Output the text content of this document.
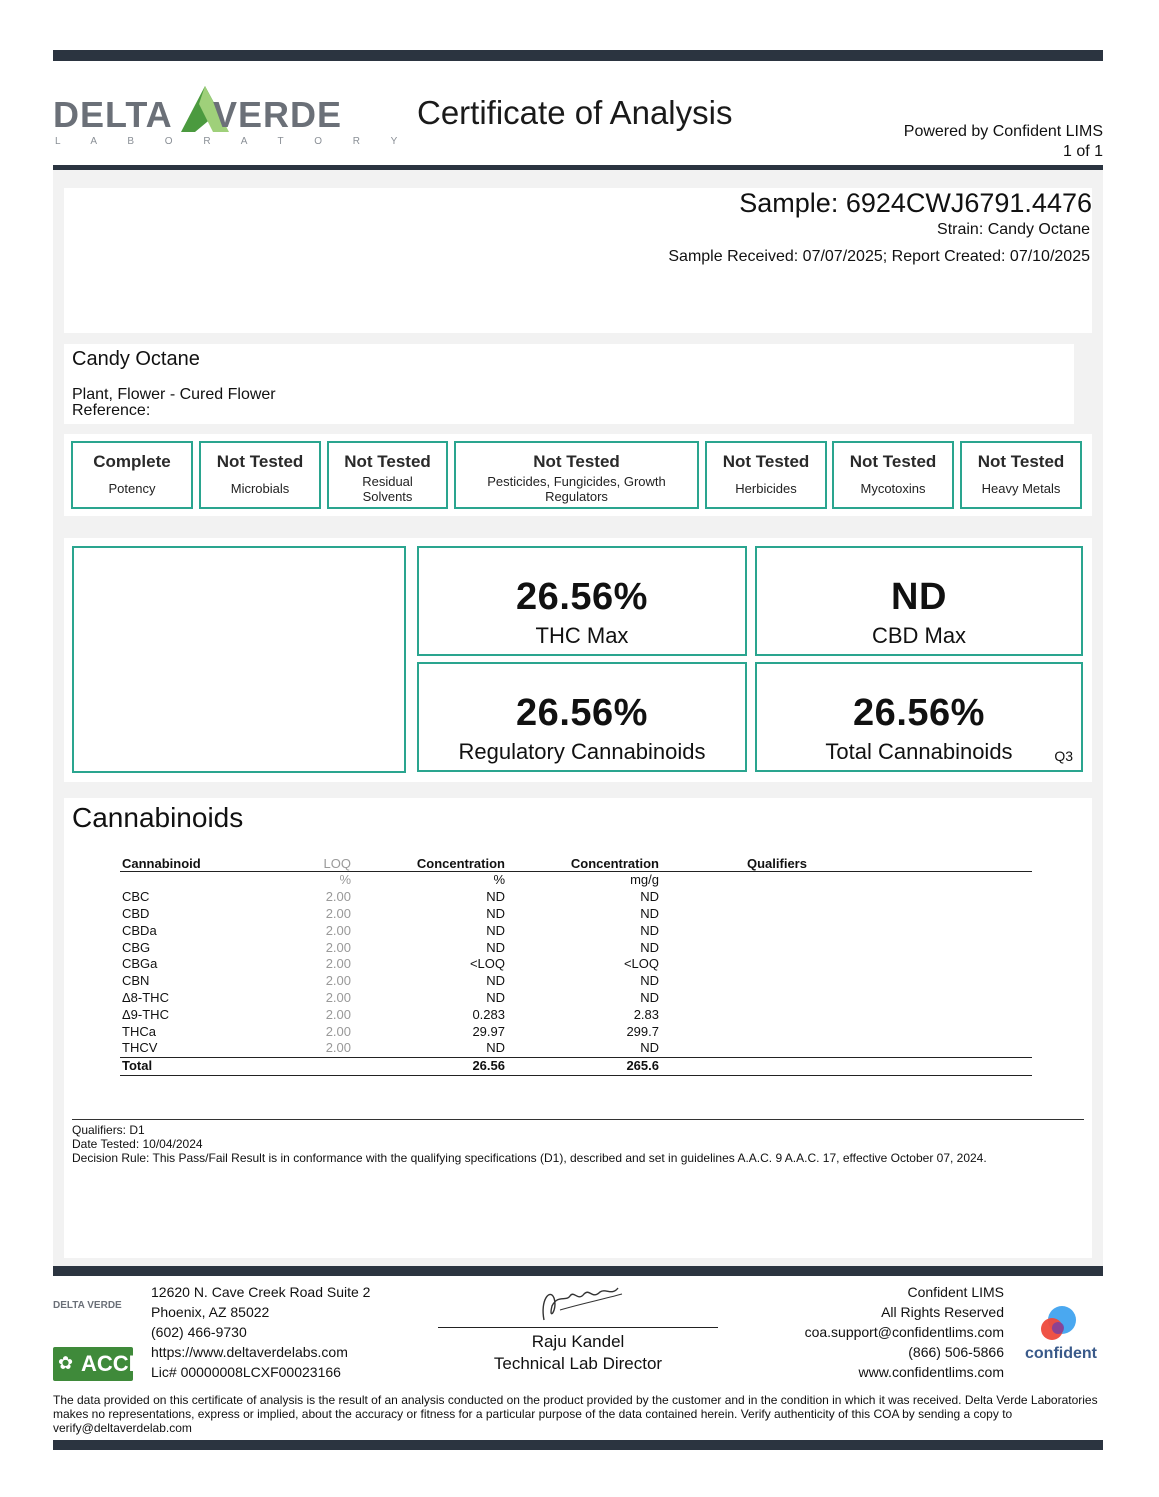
DELTA VERDE
L A B O R A T O R Y
Certificate of Analysis
Powered by Confident LIMS
1 of 1
Sample: 6924CWJ6791.4476
Strain: Candy Octane
Sample Received: 07/07/2025; Report Created: 07/10/2025
Candy Octane
Plant, Flower - Cured Flower
Reference:
Complete
Potency
Not Tested
Microbials
Not Tested
Residual Solvents
Not Tested
Pesticides, Fungicides, Growth Regulators
Not Tested
Herbicides
Not Tested
Mycotoxins
Not Tested
Heavy Metals
26.56%
THC Max
ND
CBD Max
26.56%
Regulatory Cannabinoids
26.56%
Total Cannabinoids	Q3
Cannabinoids
Cannabinoid	LOQ	Concentration	Concentration	Qualifiers
	%	%	mg/g	
CBC	2.00	ND	ND	
CBD	2.00	ND	ND	
CBDa	2.00	ND	ND	
CBG	2.00	ND	ND	
CBGa	2.00	<LOQ	<LOQ	
CBN	2.00	ND	ND	
Δ8-THC	2.00	ND	ND	
Δ9-THC	2.00	0.283	2.83	
THCa	2.00	29.97	299.7	
THCV	2.00	ND	ND	
Total		26.56	265.6	
Qualifiers: D1
Date Tested: 10/04/2024
Decision Rule: This Pass/Fail Result is in conformance with the qualifying specifications (D1), described and set in guidelines A.A.C. 9 A.A.C. 17, effective October 07, 2024.
DELTA VERDE
✿ ACCL
12620 N. Cave Creek Road Suite 2
Phoenix, AZ 85022
(602) 466-9730
https://www.deltaverdelabs.com
Lic# 00000008LCXF00023166
Raju Kandel
Technical Lab Director
Confident LIMS
All Rights Reserved
coa.support@confidentlims.com
(866) 506-5866
www.confidentlims.com
confident
The data provided on this certificate of analysis is the result of an analysis conducted on the product provided by the customer and in the condition in which it was received. Delta Verde Laboratories makes no representations, express or implied, about the accuracy or fitness for a particular purpose of the data contained herein. Verify authenticity of this COA by sending a copy to verify@deltaverdelab.com
